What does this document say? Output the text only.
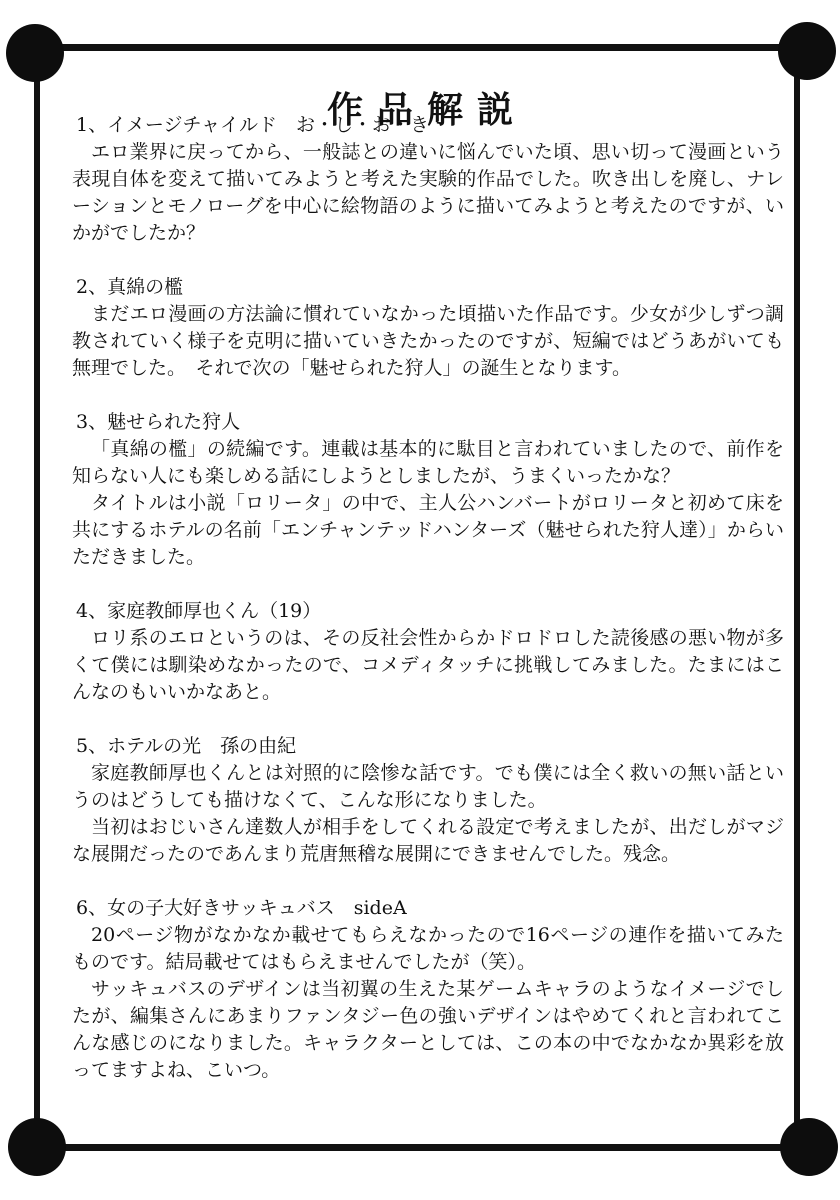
作品解説

1、イメージチャイルド　お・し・お・き

エロ業界に戻ってから、一般誌との違いに悩んでいた頃、思い切って漫画という表現自体を変えて描いてみようと考えた実験的作品でした。吹き出しを廃し、ナレーションとモノローグを中心に絵物語のように描いてみようと考えたのですが、いかがでしたか？

2、真綿の檻

まだエロ漫画の方法論に慣れていなかった頃描いた作品です。少女が少しずつ調教されていく様子を克明に描いていきたかったのですが、短編ではどうあがいても無理でした。　それで次の「魅せられた狩人」の誕生となります。

3、魅せられた狩人

「真綿の檻」の続編です。連載は基本的に駄目と言われていましたので、前作を知らない人にも楽しめる話にしようとしましたが、うまくいったかな？

タイトルは小説「ロリータ」の中で、主人公ハンバートがロリータと初めて床を共にするホテルの名前「エンチャンテッドハンターズ（魅せられた狩人達）」からいただきました。

4、家庭教師厚也くん（19）

ロリ系のエロというのは、その反社会性からかドロドロした読後感の悪い物が多くて僕には馴染めなかったので、コメディタッチに挑戦してみました。たまにはこんなのもいいかなあと。

5、ホテルの光　孫の由紀

家庭教師厚也くんとは対照的に陰惨な話です。でも僕には全く救いの無い話というのはどうしても描けなくて、こんな形になりました。

当初はおじいさん達数人が相手をしてくれる設定で考えましたが、出だしがマジな展開だったのであんまり荒唐無稽な展開にできませんでした。残念。

6、女の子大好きサッキュバス　sideA

20ページ物がなかなか載せてもらえなかったので16ページの連作を描いてみたものです。結局載せてはもらえませんでしたが（笑）。

サッキュバスのデザインは当初翼の生えた某ゲームキャラのようなイメージでしたが、編集さんにあまりファンタジー色の強いデザインはやめてくれと言われてこんな感じのになりました。キャラクターとしては、この本の中でなかなか異彩を放ってますよね、こいつ。
